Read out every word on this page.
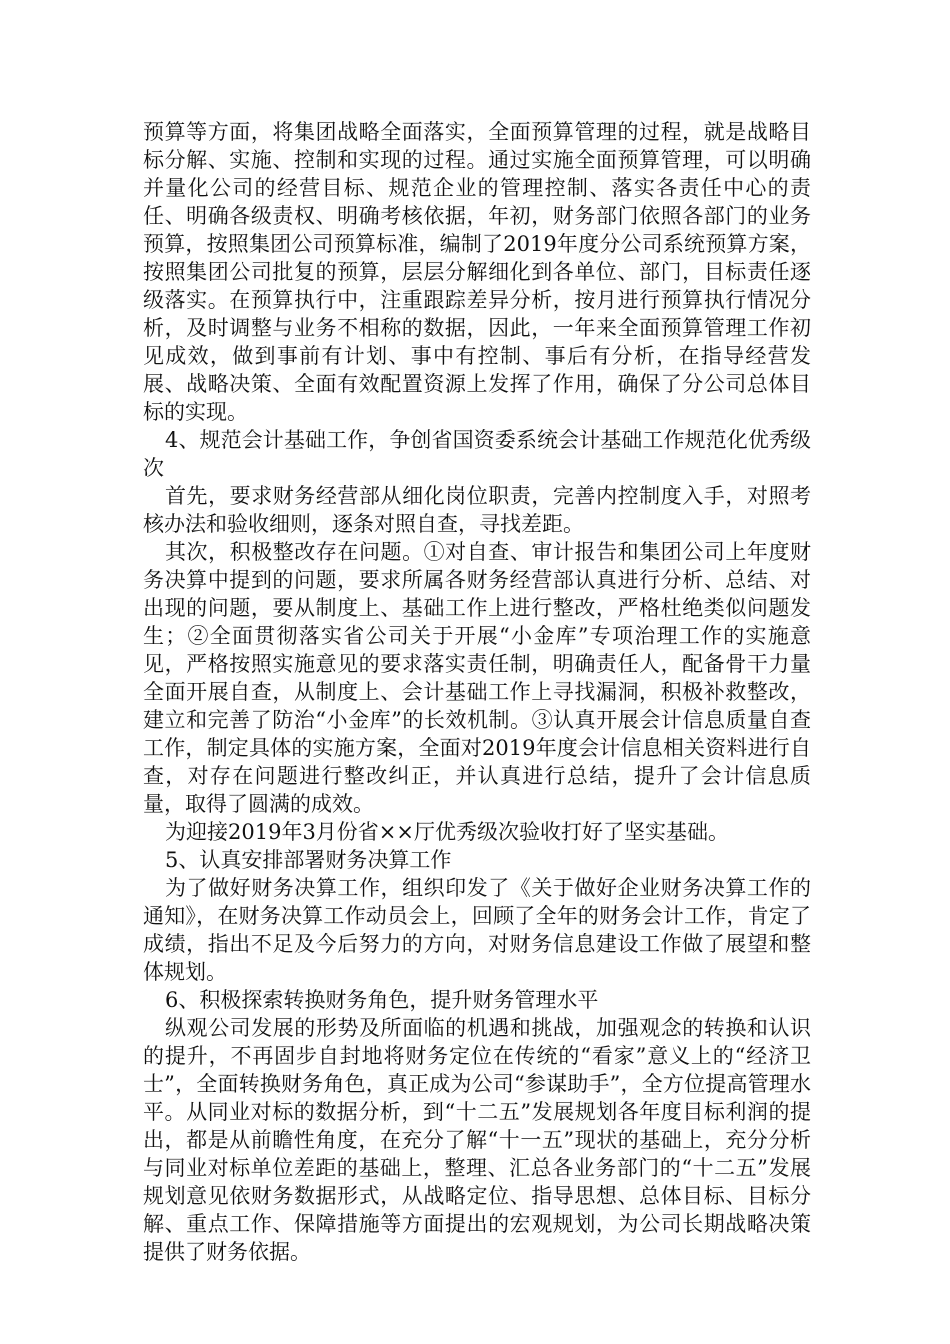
预算等方面，将集团战略全面落实，全面预算管理的过程，就是战略目标分解、实施、控制和实现的过程。通过实施全面预算管理，可以明确并量化公司的经营目标、规范企业的管理控制、落实各责任中心的责任、明确各级责权、明确考核依据，年初，财务部门依照各部门的业务预算，按照集团公司预算标准，编制了2019年度分公司系统预算方案，按照集团公司批复的预算，层层分解细化到各单位、部门，目标责任逐级落实。在预算执行中，注重跟踪差异分析，按月进行预算执行情况分析，及时调整与业务不相称的数据，因此，一年来全面预算管理工作初见成效，做到事前有计划、事中有控制、事后有分析，在指导经营发展、战略决策、全面有效配置资源上发挥了作用，确保了分公司总体目标的实现。

4、规范会计基础工作，争创省国资委系统会计基础工作规范化优秀级次

首先，要求财务经营部从细化岗位职责，完善内控制度入手，对照考核办法和验收细则，逐条对照自查，寻找差距。

其次，积极整改存在问题。①对自查、审计报告和集团公司上年度财务决算中提到的问题，要求所属各财务经营部认真进行分析、总结、对出现的问题，要从制度上、基础工作上进行整改，严格杜绝类似问题发生；②全面贯彻落实省公司关于开展“小金库”专项治理工作的实施意见，严格按照实施意见的要求落实责任制，明确责任人，配备骨干力量全面开展自查，从制度上、会计基础工作上寻找漏洞，积极补救整改，建立和完善了防治“小金库”的长效机制。③认真开展会计信息质量自查工作，制定具体的实施方案，全面对2019年度会计信息相关资料进行自查，对存在问题进行整改纠正，并认真进行总结，提升了会计信息质量，取得了圆满的成效。

为迎接2019年3月份省××厅优秀级次验收打好了坚实基础。

5、认真安排部署财务决算工作

为了做好财务决算工作，组织印发了《关于做好企业财务决算工作的通知》，在财务决算工作动员会上，回顾了全年的财务会计工作，肯定了成绩，指出不足及今后努力的方向，对财务信息建设工作做了展望和整体规划。

6、积极探索转换财务角色，提升财务管理水平

纵观公司发展的形势及所面临的机遇和挑战，加强观念的转换和认识的提升，不再固步自封地将财务定位在传统的“看家”意义上的“经济卫士”，全面转换财务角色，真正成为公司“参谋助手”，全方位提高管理水平。从同业对标的数据分析，到“十二五”发展规划各年度目标利润的提出，都是从前瞻性角度，在充分了解“十一五”现状的基础上，充分分析与同业对标单位差距的基础上，整理、汇总各业务部门的“十二五”发展规划意见依财务数据形式，从战略定位、指导思想、总体目标、目标分解、重点工作、保障措施等方面提出的宏观规划，为公司长期战略决策提供了财务依据。
